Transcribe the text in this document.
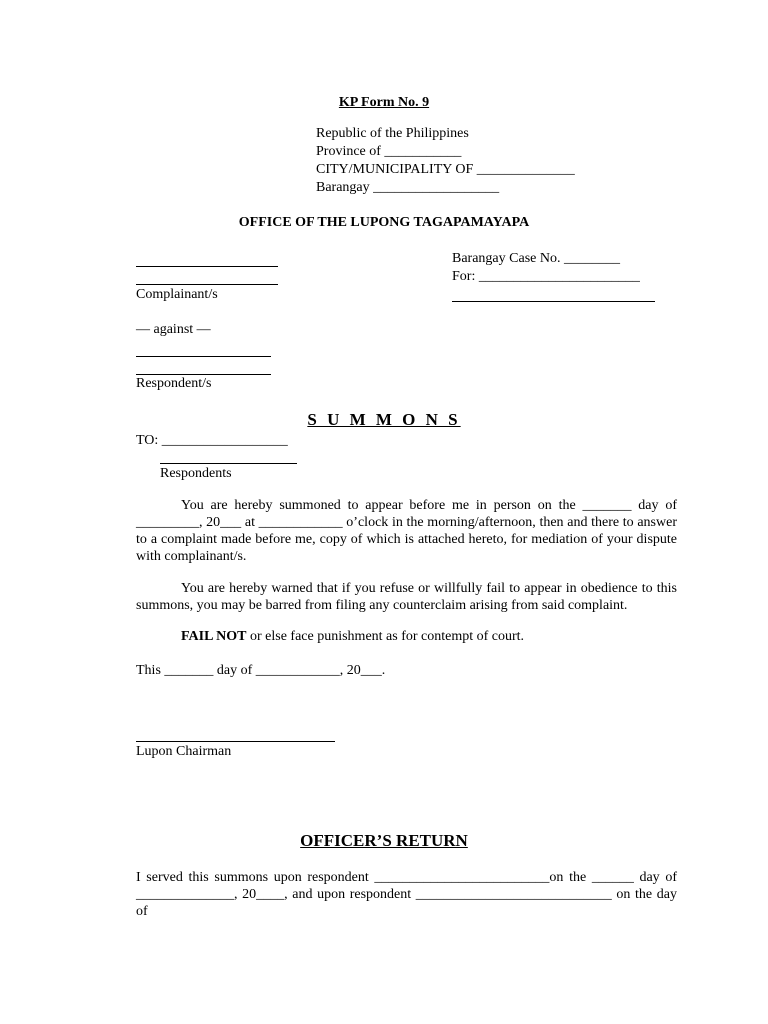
KP Form No. 9
Republic of the Philippines
Province of ___________
CITY/MUNICIPALITY OF ______________
Barangay __________________
OFFICE OF THE LUPONG TAGAPAMAYAPA
Complainant/s
— against —
Respondent/s
Barangay Case No. ________
For: _______________________
S U M M O N S
TO: __________________
Respondents

You are hereby summoned to appear before me in person on the _______ day of _________, 20___ at ____________ o’clock in the morning/afternoon, then and there to answer to a complaint made before me, copy of which is attached hereto, for mediation of your dispute with complainant/s.

You are hereby warned that if you refuse or willfully fail to appear in obedience to this summons, you may be barred from filing any counterclaim arising from said complaint.

FAIL NOT or else face punishment as for contempt of court.
This _______ day of ____________, 20___.
Lupon Chairman
OFFICER’S RETURN

I served this summons upon respondent _________________________on the ______ day of ______________, 20____, and upon respondent ____________________________ on the day of
